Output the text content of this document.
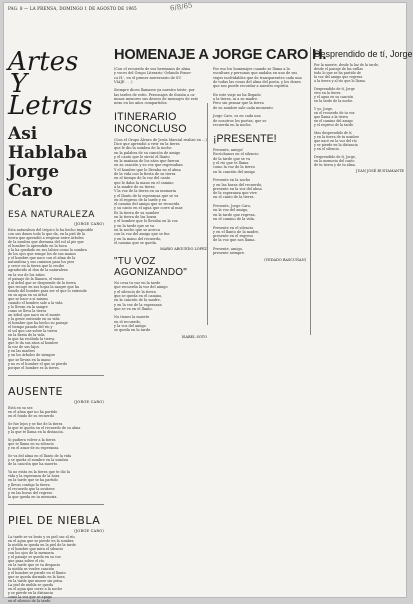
PAG. 8 — LA PRENSA, DOMINGO 1 DE AGOSTO DE 1965	6/8/65
Artes
Y
Letras
Asi Hablaba
Jorge Caro
ESA NATURALEZA
(JORGE CARO)
Esta naturaleza del trópico lo ha hecho imposible
con sus dones todo lo que da, en la piel de la
tierra que aprendió a respirar entre árboles
de la sombra que derrama del sol al pie que
el hombre lo aprendido en la boca
y la ha quedado en sus labios como la sombra
de los ojos que rompe los de sus manos
y el hombre que nace con el alma de la
naturaleza y sus caminos para los pies
y crece en la tierra que lo recibe
agradecido al don de la naturaleza
en la voz de los niños
el paisaje de la llanura, el viento
y al árbol que se desprende de la tierra
que recoge en sus hojas la sangre que ha
tenido del hombre para ser el que lo entiende
en su agua en su árbol
que se hace a sí mismo
cuando el hombre sale a la vida
y lo llevan en la sangre
como se lleva la tierra
un árbol que nace en el monte
y la gente entiende en su vida
el hombre que ha hecho su paisaje
el tiempo pasado del río y
el sol que cae sobre la tierra
en la fiesta de la vida
la que ha recibido la tierra,
que le da sus años al hombre
la voz de sus hijos
y en las madres
y en los árboles de siempre
que se llevan en la mano
y no es el hombre el que se pierde
porque el hombre es la tierra.
AUSENTE
(JORGE CARO)
Está en su ser,
en el alma que no ha partido
en el fondo de su recuerdo

Se fue lejos y se fue de la tierra
la que te queda en el recuerdo de su alma
y la que te llama en la distancia.

Si pudiera volver a la tierra
que te llama en su silencio
y en el amor de su esperanza.

Se va del alma en el llanto de la vida
y se queda el nombre en la sombra
de la canción que ha muerto.

Ya no estás en la tierra que te dio la
vida y la esperanza de la hora
en la tarde que se ha partido
y llevas contigo la tierra
el recuerdo que la sostiene
y en las horas del regreso
la que queda en tu memoria.
PIEL DE NIEBLA
(JORGE CARO)
La tarde se va lento y su piel cae al río,
en el agua que se pierde en la sombra
la niebla se queda en la piel de la tarde
y el hombre que mira el silencio
con los ojos de la memoria
y el paisaje se queda en su voz
que pasa sobre el río.
en la tarde que se va despacio
la niebla se vuelve canción
y el hombre se pierde en el llanto
que se queda dormido en la hora
en la tarde que muere sin prisa.
La piel de niebla se queda
en el agua que corre a la noche
y se pierde en la distancia
como la voz que se apaga
en el silencio de la tarde.
HOMENAJE A JORGE CARO H.
(Con el recuerdo de sus hermanos de alma
y voces del Grupo Literario 'Orlando Fonse-
ca H.', en el primer aniversario de SU
VIAJE . . .)

Siempre dicen llamarse ya nuestro triste, por
las tardes de estío. Personajes de ilusión a ca-
minos menores sus deseos de mensajes de este
nexo en los años compartidos.
ITINERARIO INCONCLUSO
(Con el Grupo Álvaro de Jesús Marcial realizó en ...)
Dice que aprendió a vivir en la tierra
que le dio la sombra de la noche
en la palabra de su canción de amigo
y el canto que le sirvió el llanto
en la mañana de los años que fueron
en su canción y su voz que regresaban
Y el hombre que lo llevaba en el alma
de la vida con la fiesta de su tierra
en el tiempo de la voz del canto
que le daba la mano en el camino
a la madre de su tierra
Y la voz de la tierra en su memoria
y el llanto de la esperanza que se va
en el regreso de la tarde y en
el camino del amigo que se recuerda
y su canto en el agua que corre al mar.
Es la tierra de su nombre
en la tierra de las horas
y el hombre que lo llevaba en la voz
y en la tarde que se va
en la noche que se acerca
con la voz del amigo que se fue
y en la mano del recuerdo,
el camino que se queda.
MARIO ARGUEDO LOPEZ
"TU VOZ AGONIZANDO"
No cesa tu voz en la tarde
que recuerda la voz del amigo
y el silencio de la tierra
que se queda en el camino,
en la canción de la madre,
y en la voz de la esperanza
que se va en el llanto.

No tienes la muerte
en el recuerdo,
y la voz del amigo
se queda en la tarde.
ISABEL SOTO
Por eso los homenajes cuando se llama a la
escultura y personas que andaba en uno de sus
viajes inolvidables que de transparentes cada una
de todas las cosas del alma del poeta, y los dones
que nos puede recordar a nuestro espíritu.

En este viaje no ha llegado
a la tierra, ni a su madre.
Pero sin pensar que la tierra
de su nombre sale cada momento.

Jorge Caro, es en cada uno
de nosotros los poetas, que se
recuerda en la noche.
¡PRESENTE!
Presente, amigo!
Escúchanos en el silencio
de la tarde que se va
y el río que te llama
como la voz de la tierra
en la canción del amigo

Presente en la noche
y en las horas del recuerdo,
presente en la voz del alma
de la esperanza que vive
en el canto de la tierra.

Presente, Jorge Caro,
en la voz del amigo,
en la tarde que regresa,
en el camino de la vida.

Presente en el silencio
y en el llanto de la madre,
presente en el regreso
de la voz que nos llama.

Presente, amigo,
presente siempre.
(VEDADO BASCUÑAN)
Desprendido de tí, Jorge
Por la muerte, desde la luz de la tarde,
desde el paisaje de las orillas
todo lo que se ha partido de
la voz del amigo que regresa
a la tierra y al río que lo llama.

Desprendido de tí, Jorge
vivo en la tierra
y el agua en su canción
en la tarde de la noche.

Y yo, Jorge,
en el recuerdo de tu voz
que llama a la tierra
en el camino del amigo
y el regreso de la tarde.

Mas desprendido de tí,
y en la tierra de tu nombre
que nace en la voz del río
y se pierde en la distancia
y en el silencio.

Desprendido de tí, Jorge,
en la memoria del canto
de tu tierra y de tu alma.
JUAN JOSÉ BUSTAMANTE
